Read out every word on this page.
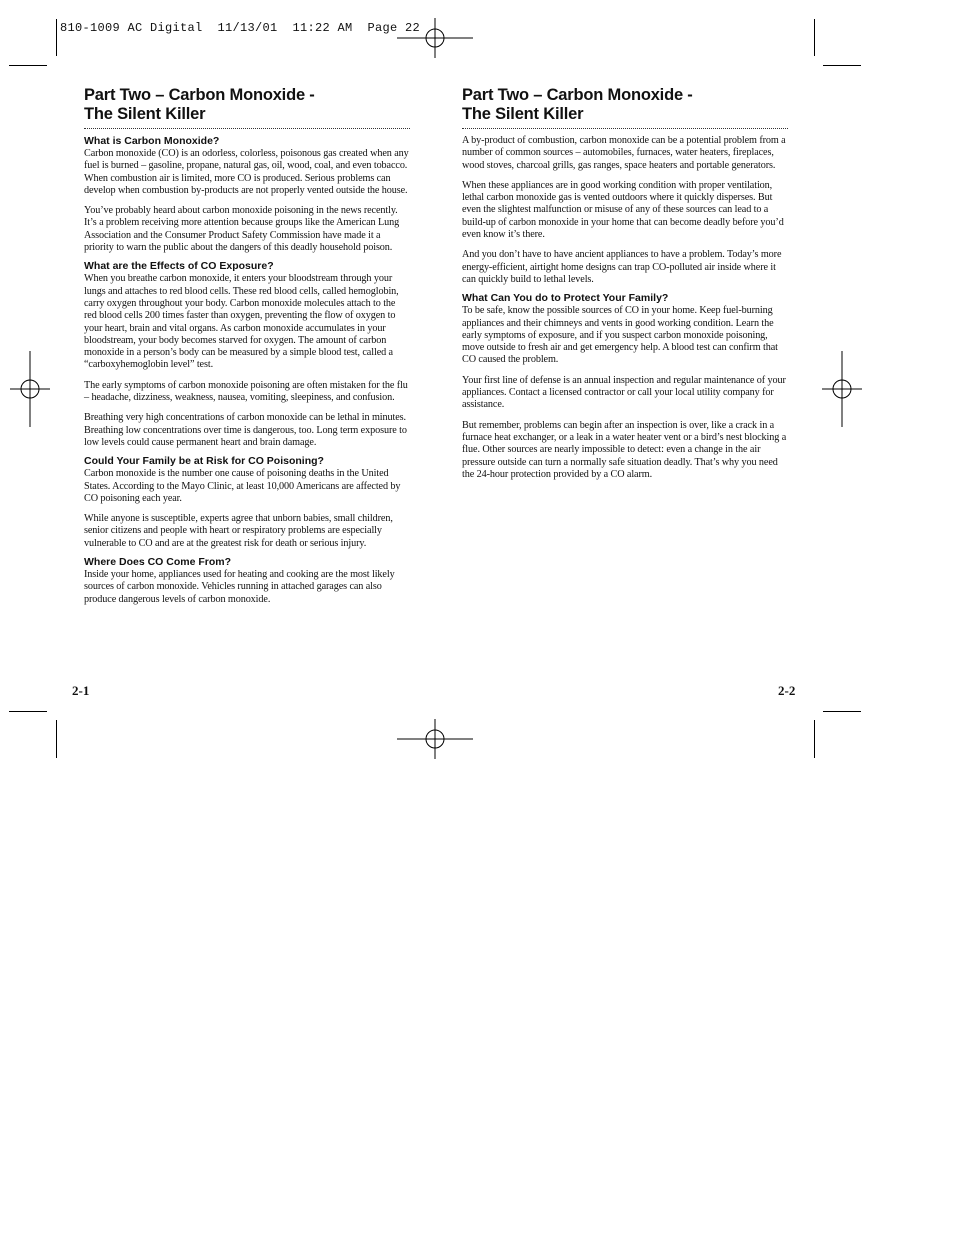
810-1009 AC Digital  11/13/01  11:22 AM  Page 22
Part Two – Carbon Monoxide -
The Silent Killer
What is Carbon Monoxide?

Carbon monoxide (CO) is an odorless, colorless, poisonous gas created when any fuel is burned – gasoline, propane, natural gas, oil, wood, coal, and even tobacco. When combustion air is limited, more CO is produced. Serious problems can develop when combustion by-products are not properly vented outside the house.

You’ve probably heard about carbon monoxide poisoning in the news recently. It’s a problem receiving more attention because groups like the American Lung Association and the Consumer Product Safety Commission have made it a priority to warn the public about the dangers of this deadly household poison.

What are the Effects of CO Exposure?

When you breathe carbon monoxide, it enters your bloodstream through your lungs and attaches to red blood cells. These red blood cells, called hemoglobin, carry oxygen throughout your body. Carbon monoxide molecules attach to the red blood cells 200 times faster than oxygen, preventing the flow of oxygen to your heart, brain and vital organs. As carbon monoxide accumulates in your bloodstream, your body becomes starved for oxygen. The amount of carbon monoxide in a person’s body can be measured by a simple blood test, called a “carboxyhemoglobin level” test.

The early symptoms of carbon monoxide poisoning are often mistaken for the flu – headache, dizziness, weakness, nausea, vomiting, sleepiness, and confusion.

Breathing very high concentrations of carbon monoxide can be lethal in minutes. Breathing low concentrations over time is dangerous, too. Long term exposure to low levels could cause permanent heart and brain damage.

Could Your Family be at Risk for CO Poisoning?

Carbon monoxide is the number one cause of poisoning deaths in the United States. According to the Mayo Clinic, at least 10,000 Americans are affected by CO poisoning each year.

While anyone is susceptible, experts agree that unborn babies, small children, senior citizens and people with heart or respiratory problems are especially vulnerable to CO and are at the greatest risk for death or serious injury.

Where Does CO Come From?

Inside your home, appliances used for heating and cooking are the most likely sources of carbon monoxide. Vehicles running in attached garages can also produce dangerous levels of carbon monoxide.

Part Two – Carbon Monoxide -
The Silent Killer

A by-product of combustion, carbon monoxide can be a potential problem from a number of common sources – automobiles, furnaces, water heaters, fireplaces, wood stoves, charcoal grills, gas ranges, space heaters and portable generators.

When these appliances are in good working condition with proper ventilation, lethal carbon monoxide gas is vented outdoors where it quickly disperses. But even the slightest malfunction or misuse of any of these sources can lead to a build-up of carbon monoxide in your home that can become deadly before you’d even know it’s there.

And you don’t have to have ancient appliances to have a problem. Today’s more energy-efficient, airtight home designs can trap CO-polluted air inside where it can quickly build to lethal levels.

What Can You do to Protect Your Family?

To be safe, know the possible sources of CO in your home. Keep fuel-burning appliances and their chimneys and vents in good working condition. Learn the early symptoms of exposure, and if you suspect carbon monoxide poisoning, move outside to fresh air and get emergency help. A blood test can confirm that CO caused the problem.

Your first line of defense is an annual inspection and regular maintenance of your appliances. Contact a licensed contractor or call your local utility company for assistance.

But remember, problems can begin after an inspection is over, like a crack in a furnace heat exchanger, or a leak in a water heater vent or a bird’s nest blocking a flue. Other sources are nearly impossible to detect: even a change in the air pressure outside can turn a normally safe situation deadly. That’s why you need the 24-hour protection provided by a CO alarm.

2-1	2-2
